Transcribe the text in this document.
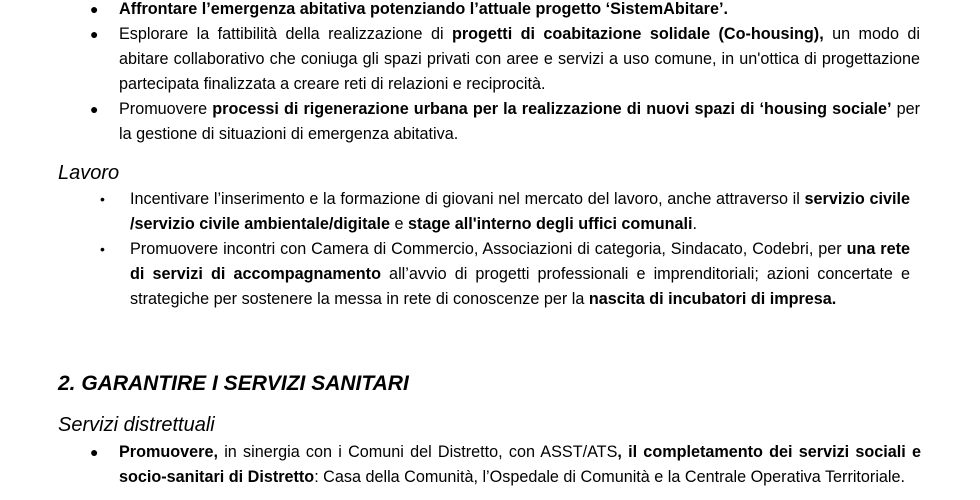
● Affrontare l’emergenza abitativa potenziando l’attuale progetto ‘SistemAbitare’.
● Esplorare la fattibilità della realizzazione di progetti di coabitazione solidale (Co-housing), un modo di abitare collaborativo che coniuga gli spazi privati con aree e servizi a uso comune, in un'ottica di progettazione partecipata finalizzata a creare reti di relazioni e reciprocità.
● Promuovere processi di rigenerazione urbana per la realizzazione di nuovi spazi di ‘housing sociale’ per la gestione di situazioni di emergenza abitativa.
Lavoro
• Incentivare l’inserimento e la formazione di giovani nel mercato del lavoro, anche attraverso il servizio civile /servizio civile ambientale/digitale e stage all'interno degli uffici comunali.
• Promuovere incontri con Camera di Commercio, Associazioni di categoria, Sindacato, Codebri, per una rete di servizi di accompagnamento all’avvio di progetti professionali e imprenditoriali; azioni concertate e strategiche per sostenere la messa in rete di conoscenze per la nascita di incubatori di impresa.
2. GARANTIRE I SERVIZI SANITARI
Servizi distrettuali
● Promuovere, in sinergia con i Comuni del Distretto, con ASST/ATS, il completamento dei servizi sociali e socio-sanitari di Distretto: Casa della Comunità, l’Ospedale di Comunità e la Centrale Operativa Territoriale.
